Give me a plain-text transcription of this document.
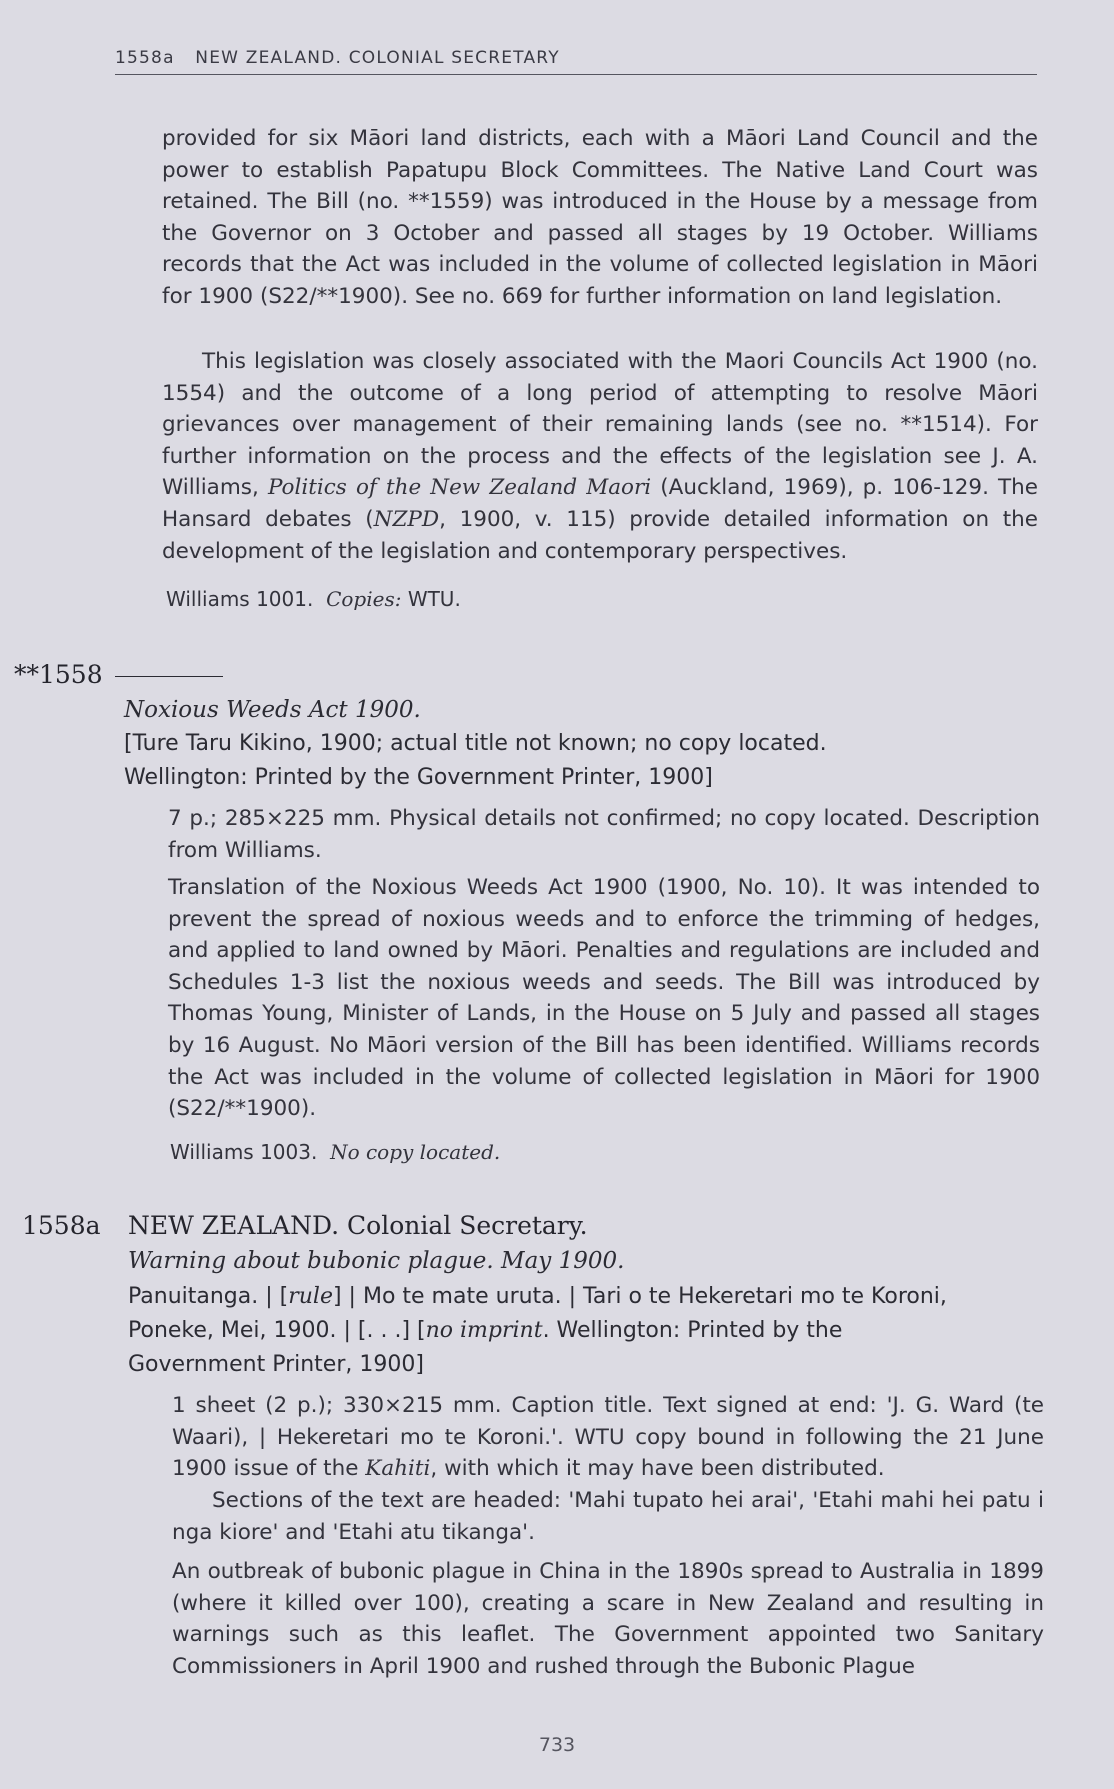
1558a NEW ZEALAND. COLONIAL SECRETARY

provided for six Māori land districts, each with a Māori Land Council and the power to establish Papatupu Block Committees. The Native Land Court was retained. The Bill (no. **1559) was introduced in the House by a message from the Governor on 3 October and passed all stages by 19 October. Williams records that the Act was included in the volume of collected legislation in Māori for 1900 (S22/**1900). See no. 669 for further information on land legislation.

This legislation was closely associated with the Maori Councils Act 1900 (no. 1554) and the outcome of a long period of attempting to resolve Māori grievances over management of their remaining lands (see no. **1514). For further information on the process and the effects of the legislation see J. A. Williams, Politics of the New Zealand Maori (Auckland, 1969), p. 106-129. The Hansard debates (NZPD, 1900, v. 115) provide detailed information on the development of the legislation and contemporary perspectives.

Williams 1001. Copies: WTU.
**1558
Noxious Weeds Act 1900.
[Ture Taru Kikino, 1900; actual title not known; no copy located.
Wellington: Printed by the Government Printer, 1900]

7 p.; 285×225 mm. Physical details not confirmed; no copy located. Description from Williams.

Translation of the Noxious Weeds Act 1900 (1900, No. 10). It was intended to prevent the spread of noxious weeds and to enforce the trimming of hedges, and applied to land owned by Māori. Penalties and regulations are included and Schedules 1-3 list the noxious weeds and seeds. The Bill was introduced by Thomas Young, Minister of Lands, in the House on 5 July and passed all stages by 16 August. No Māori version of the Bill has been identified. Williams records the Act was included in the volume of collected legislation in Māori for 1900 (S22/**1900).

Williams 1003. No copy located.
1558a NEW ZEALAND. Colonial Secretary.
Warning about bubonic plague. May 1900.
Panuitanga. | [rule] | Mo te mate uruta. | Tari o te Hekeretari mo te Koroni,
Poneke, Mei, 1900. | [. . .] [no imprint. Wellington: Printed by the
Government Printer, 1900]

1 sheet (2 p.); 330×215 mm. Caption title. Text signed at end: 'J. G. Ward (te Waari), | Hekeretari mo te Koroni.'. WTU copy bound in following the 21 June 1900 issue of the Kahiti, with which it may have been distributed.

Sections of the text are headed: 'Mahi tupato hei arai', 'Etahi mahi hei patu i nga kiore' and 'Etahi atu tikanga'.

An outbreak of bubonic plague in China in the 1890s spread to Australia in 1899 (where it killed over 100), creating a scare in New Zealand and resulting in warnings such as this leaflet. The Government appointed two Sanitary Commissioners in April 1900 and rushed through the Bubonic Plague

733
